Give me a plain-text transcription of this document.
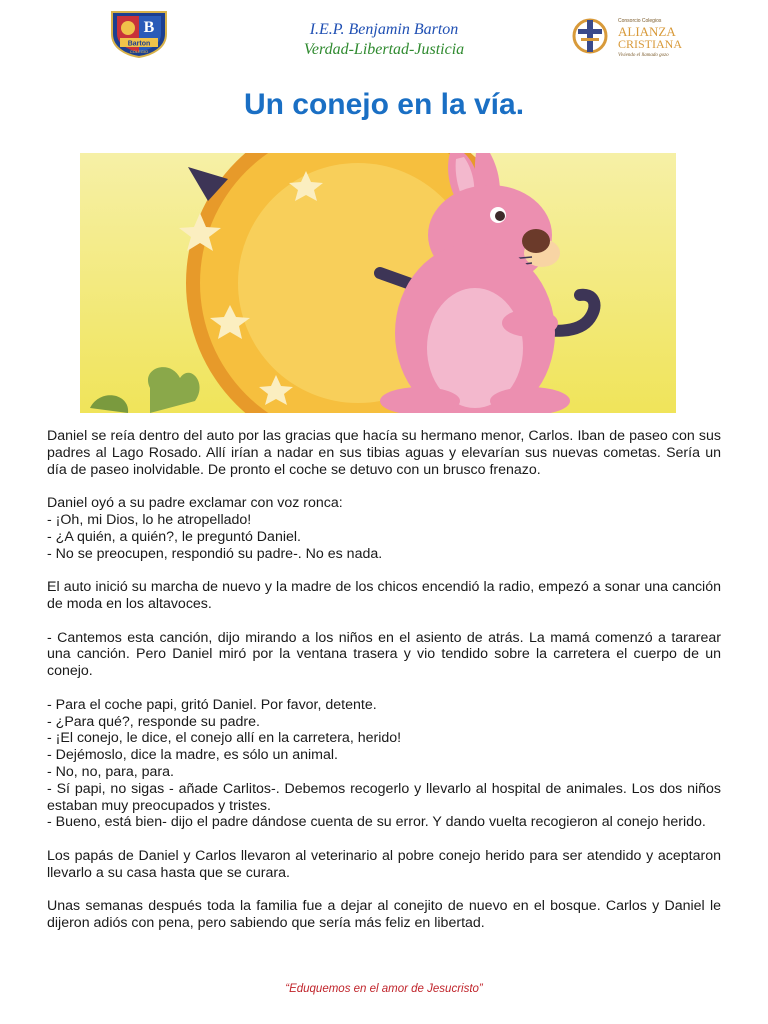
B
Barton
COLEGIO
I.E.P. Benjamin Barton
Verdad-Libertad-Justicia
Consorcio Colegios
ALIANZA
CRISTIANA
Viviendo el llamado gozo
Un conejo en la vía.

Daniel se reía dentro del auto por las gracias que hacía su hermano menor, Carlos. Iban de paseo con sus padres al Lago Rosado. Allí irían a nadar en sus tibias aguas y elevarían sus nuevas cometas. Sería un día de paseo inolvidable. De pronto el coche se detuvo con un brusco frenazo.

Daniel oyó a su padre exclamar con voz ronca:
- ¡Oh, mi Dios, lo he atropellado!
- ¿A quién, a quién?, le preguntó Daniel.
- No se preocupen, respondió su padre-. No es nada.

El auto inició su marcha de nuevo y la madre de los chicos encendió la radio, empezó a sonar una canción de moda en los altavoces.

- Cantemos esta canción, dijo mirando a los niños en el asiento de atrás. La mamá comenzó a tararear una canción. Pero Daniel miró por la ventana trasera y vio tendido sobre la carretera el cuerpo de un conejo.

- Para el coche papi, gritó Daniel. Por favor, detente.
- ¿Para qué?, responde su padre.
- ¡El conejo, le dice, el conejo allí en la carretera, herido!
- Dejémoslo, dice la madre, es sólo un animal.
- No, no, para, para.
- Sí papi, no sigas - añade Carlitos-. Debemos recogerlo y llevarlo al hospital de animales. Los dos niños estaban muy preocupados y tristes.
- Bueno, está bien- dijo el padre dándose cuenta de su error. Y dando vuelta recogieron al conejo herido.

Los papás de Daniel y Carlos llevaron al veterinario al pobre conejo herido para ser atendido y aceptaron llevarlo a su casa hasta que se curara.

Unas semanas después toda la familia fue a dejar al conejito de nuevo en el bosque. Carlos y Daniel le dijeron adiós con pena, pero sabiendo que sería más feliz en libertad.

“Eduquemos en el amor de Jesucristo”
